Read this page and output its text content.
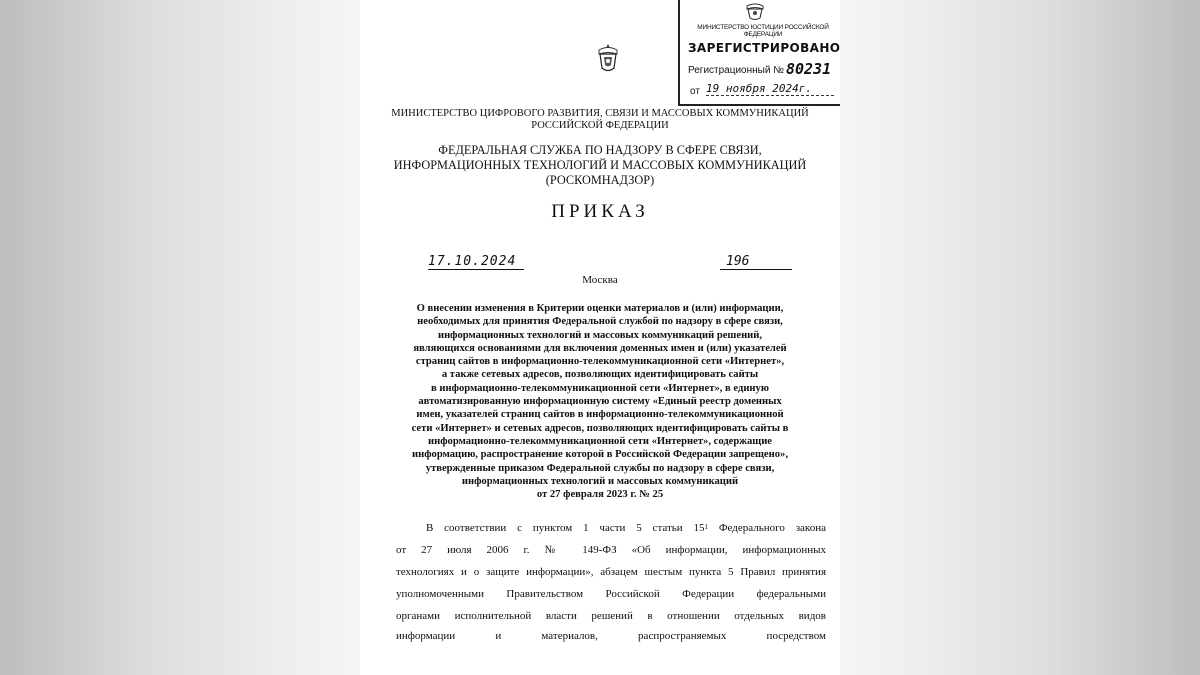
МИНИСТЕРСТВО ЮСТИЦИИ РОССИЙСКОЙ ФЕДЕРАЦИИ
ЗАРЕГИСТРИРОВАНО
Регистрационный № 80231
от 19 ноября 2024г.
МИНИСТЕРСТВО ЦИФРОВОГО РАЗВИТИЯ, СВЯЗИ И МАССОВЫХ КОММУНИКАЦИЙ
РОССИЙСКОЙ ФЕДЕРАЦИИ
ФЕДЕРАЛЬНАЯ СЛУЖБА ПО НАДЗОРУ В СФЕРЕ СВЯЗИ,
ИНФОРМАЦИОННЫХ ТЕХНОЛОГИЙ И МАССОВЫХ КОММУНИКАЦИЙ
(РОСКОМНАДЗОР)
ПРИКАЗ
17.10.2024	196
Москва
О внесении изменения в Критерии оценки материалов и (или) информации,
необходимых для принятия Федеральной службой по надзору в сфере связи,
информационных технологий и массовых коммуникаций решений,
являющихся основаниями для включения доменных имен и (или) указателей
страниц сайтов в информационно-телекоммуникационной сети «Интернет»,
а также сетевых адресов, позволяющих идентифицировать сайты
в информационно-телекоммуникационной сети «Интернет», в единую
автоматизированную информационную систему «Единый реестр доменных
имен, указателей страниц сайтов в информационно-телекоммуникационной
сети «Интернет» и сетевых адресов, позволяющих идентифицировать сайты в
информационно-телекоммуникационной сети «Интернет», содержащие
информацию, распространение которой в Российской Федерации запрещено»,
утвержденные приказом Федеральной службы по надзору в сфере связи,
информационных технологий и массовых коммуникаций
от 27 февраля 2023 г. № 25
В соответствии с пунктом 1 части 5 статьи $15^1$ Федерального закона
от 27 июля 2006 г. № 149-ФЗ «Об информации, информационных
технологиях и о защите информации», абзацем шестым пункта 5 Правил принятия
уполномоченными Правительством Российской Федерации федеральными
органами исполнительной власти решений в отношении отдельных видов
информации и материалов, распространяемых посредством
